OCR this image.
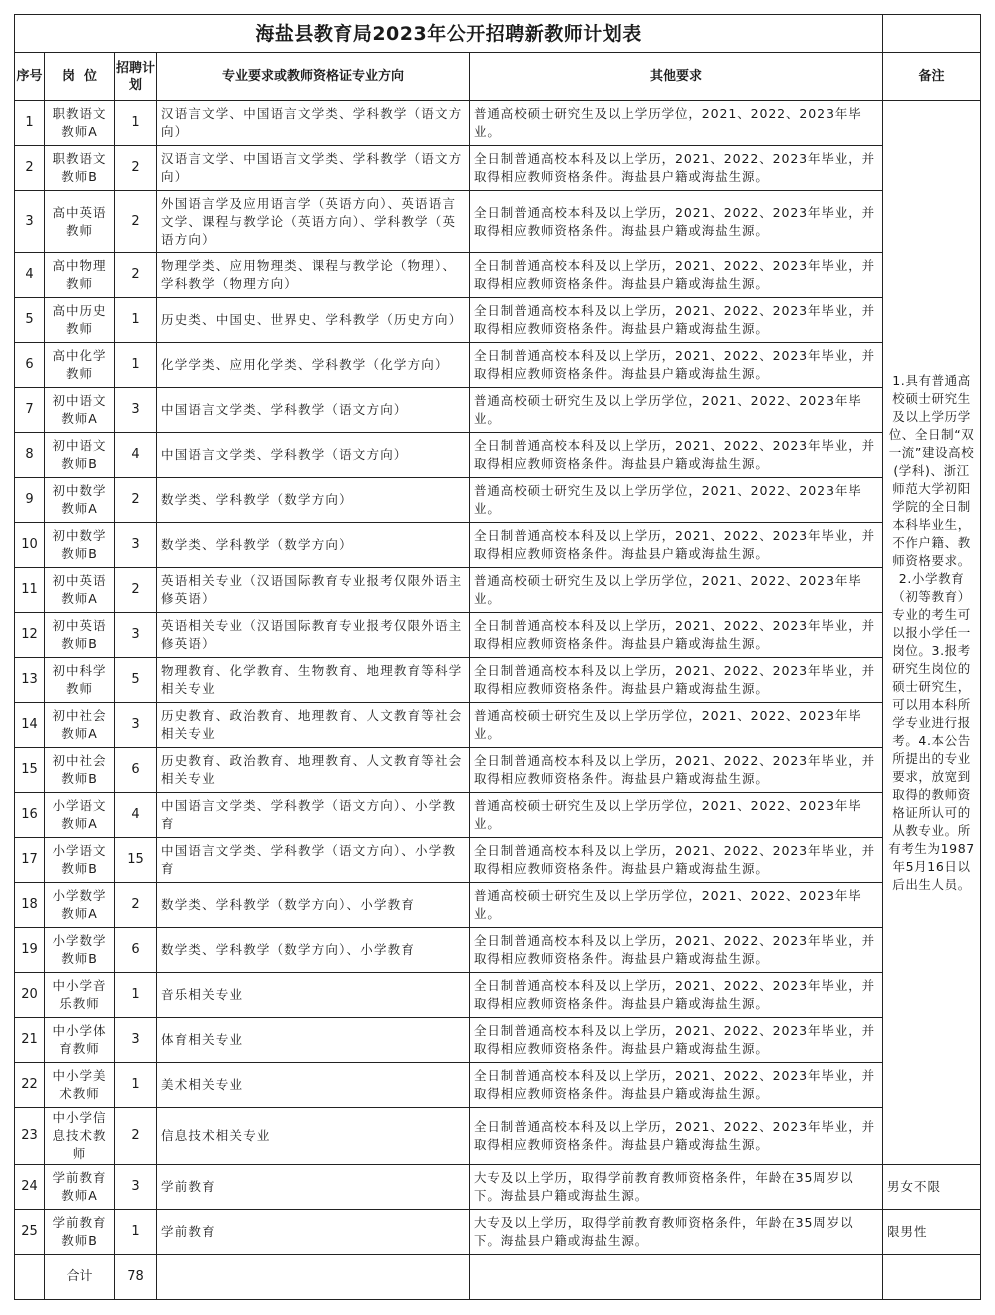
海盐县教育局2023年公开招聘新教师计划表					
序号	岗  位	招聘计划	专业要求或教师资格证专业方向	其他要求	备注
1	职教语文教师A	1	汉语言文学、中国语言文学类、学科教学（语文方向）	普通高校硕士研究生及以上学历学位，2021、2022、2023年毕业。	1.具有普通高校硕士研究生及以上学历学位、全日制“双一流”建设高校(学科)、浙江师范大学初阳学院的全日制本科毕业生，不作户籍、教师资格要求。2.小学教育（初等教育）专业的考生可以报小学任一岗位。3.报考研究生岗位的硕士研究生，可以用本科所学专业进行报考。4.本公告所提出的专业要求，放宽到取得的教师资格证所认可的从教专业。所有考生为1987年5月16日以后出生人员。
2	职教语文教师B	2	汉语言文学、中国语言文学类、学科教学（语文方向）	全日制普通高校本科及以上学历，2021、2022、2023年毕业，并取得相应教师资格条件。海盐县户籍或海盐生源。	
3	高中英语教师	2	外国语言学及应用语言学（英语方向）、英语语言文学、课程与教学论（英语方向）、学科教学（英语方向）	全日制普通高校本科及以上学历，2021、2022、2023年毕业，并取得相应教师资格条件。海盐县户籍或海盐生源。	
4	高中物理教师	2	物理学类、应用物理类、课程与教学论（物理）、学科教学（物理方向）	全日制普通高校本科及以上学历，2021、2022、2023年毕业，并取得相应教师资格条件。海盐县户籍或海盐生源。	
5	高中历史教师	1	历史类、中国史、世界史、学科教学（历史方向）	全日制普通高校本科及以上学历，2021、2022、2023年毕业，并取得相应教师资格条件。海盐县户籍或海盐生源。	
6	高中化学教师	1	化学学类、应用化学类、学科教学（化学方向）	全日制普通高校本科及以上学历，2021、2022、2023年毕业，并取得相应教师资格条件。海盐县户籍或海盐生源。	
7	初中语文教师A	3	中国语言文学类、学科教学（语文方向）	普通高校硕士研究生及以上学历学位，2021、2022、2023年毕业。	
8	初中语文教师B	4	中国语言文学类、学科教学（语文方向）	全日制普通高校本科及以上学历，2021、2022、2023年毕业，并取得相应教师资格条件。海盐县户籍或海盐生源。	
9	初中数学教师A	2	数学类、学科教学（数学方向）	普通高校硕士研究生及以上学历学位，2021、2022、2023年毕业。	
10	初中数学教师B	3	数学类、学科教学（数学方向）	全日制普通高校本科及以上学历，2021、2022、2023年毕业，并取得相应教师资格条件。海盐县户籍或海盐生源。	
11	初中英语教师A	2	英语相关专业（汉语国际教育专业报考仅限外语主修英语）	普通高校硕士研究生及以上学历学位，2021、2022、2023年毕业。	
12	初中英语教师B	3	英语相关专业（汉语国际教育专业报考仅限外语主修英语）	全日制普通高校本科及以上学历，2021、2022、2023年毕业，并取得相应教师资格条件。海盐县户籍或海盐生源。	
13	初中科学教师	5	物理教育、化学教育、生物教育、地理教育等科学相关专业	全日制普通高校本科及以上学历，2021、2022、2023年毕业，并取得相应教师资格条件。海盐县户籍或海盐生源。	
14	初中社会教师A	3	历史教育、政治教育、地理教育、人文教育等社会相关专业	普通高校硕士研究生及以上学历学位，2021、2022、2023年毕业。	
15	初中社会教师B	6	历史教育、政治教育、地理教育、人文教育等社会相关专业	全日制普通高校本科及以上学历，2021、2022、2023年毕业，并取得相应教师资格条件。海盐县户籍或海盐生源。	
16	小学语文教师A	4	中国语言文学类、学科教学（语文方向）、小学教育	普通高校硕士研究生及以上学历学位，2021、2022、2023年毕业。	
17	小学语文教师B	15	中国语言文学类、学科教学（语文方向）、小学教育	全日制普通高校本科及以上学历，2021、2022、2023年毕业，并取得相应教师资格条件。海盐县户籍或海盐生源。	
18	小学数学教师A	2	数学类、学科教学（数学方向）、小学教育	普通高校硕士研究生及以上学历学位，2021、2022、2023年毕业。	
19	小学数学教师B	6	数学类、学科教学（数学方向）、小学教育	全日制普通高校本科及以上学历，2021、2022、2023年毕业，并取得相应教师资格条件。海盐县户籍或海盐生源。	
20	中小学音乐教师	1	音乐相关专业	全日制普通高校本科及以上学历，2021、2022、2023年毕业，并取得相应教师资格条件。海盐县户籍或海盐生源。	
21	中小学体育教师	3	体育相关专业	全日制普通高校本科及以上学历，2021、2022、2023年毕业，并取得相应教师资格条件。海盐县户籍或海盐生源。	
22	中小学美术教师	1	美术相关专业	全日制普通高校本科及以上学历，2021、2022、2023年毕业，并取得相应教师资格条件。海盐县户籍或海盐生源。	
23	中小学信息技术教师	2	信息技术相关专业	全日制普通高校本科及以上学历，2021、2022、2023年毕业，并取得相应教师资格条件。海盐县户籍或海盐生源。	
24	学前教育教师A	3	学前教育	大专及以上学历，取得学前教育教师资格条件，年龄在35周岁以下。海盐县户籍或海盐生源。	男女不限
25	学前教育教师B	1	学前教育	大专及以上学历，取得学前教育教师资格条件，年龄在35周岁以下。海盐县户籍或海盐生源。	限男性
	合计	78			
